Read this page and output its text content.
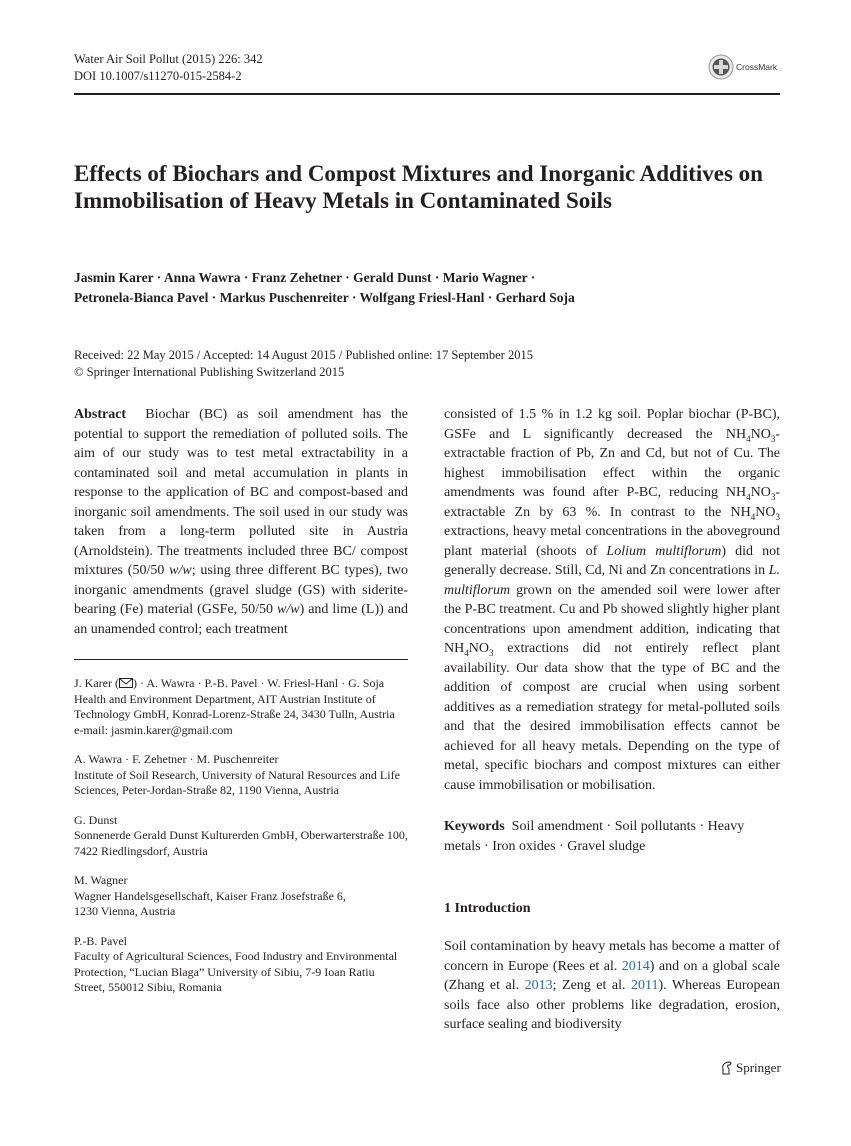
Water Air Soil Pollut (2015) 226: 342
DOI 10.1007/s11270-015-2584-2
CrossMark
Effects of Biochars and Compost Mixtures and Inorganic Additives on Immobilisation of Heavy Metals in Contaminated Soils
Jasmin Karer · Anna Wawra · Franz Zehetner · Gerald Dunst · Mario Wagner ·
Petronela-Bianca Pavel · Markus Puschenreiter · Wolfgang Friesl-Hanl · Gerhard Soja
Received: 22 May 2015 / Accepted: 14 August 2015 / Published online: 17 September 2015
© Springer International Publishing Switzerland 2015
Abstract Biochar (BC) as soil amendment has the potential to support the remediation of polluted soils. The aim of our study was to test metal extractability in a contaminated soil and metal accumulation in plants in response to the application of BC and compost-based and inorganic soil amendments. The soil used in our study was taken from a long-term polluted site in Austria (Arnoldstein). The treatments included three BC/ compost mixtures (50/50 w/w; using three different BC types), two inorganic amendments (gravel sludge (GS) with siderite-bearing (Fe) material (GSFe, 50/50 w/w) and lime (L)) and an unamended control; each treatment
consisted of 1.5 % in 1.2 kg soil. Poplar biochar (P-BC), GSFe and L significantly decreased the $NH_4NO_3$-extractable fraction of Pb, Zn and Cd, but not of Cu. The highest immobilisation effect within the organic amendments was found after P-BC, reducing $NH_4NO_3$-extractable Zn by 63 %. In contrast to the $NH_4NO_3$ extractions, heavy metal concentrations in the aboveground plant material (shoots of Lolium multiflorum) did not generally decrease. Still, Cd, Ni and Zn concentrations in L. multiflorum grown on the amended soil were lower after the P-BC treatment. Cu and Pb showed slightly higher plant concentrations upon amendment addition, indicating that $NH_4NO_3$ extractions did not entirely reflect plant availability. Our data show that the type of BC and the addition of compost are crucial when using sorbent additives as a remediation strategy for metal-polluted soils and that the desired immobilisation effects cannot be achieved for all heavy metals. Depending on the type of metal, specific biochars and compost mixtures can either cause immobilisation or mobilisation.
J. Karer ( ) · A. Wawra · P.-B. Pavel · W. Friesl-Hanl · G. Soja
Health and Environment Department, AIT Austrian Institute of Technology GmbH, Konrad-Lorenz-Straße 24, 3430 Tulln, Austria
e-mail: jasmin.karer@gmail.com
A. Wawra · F. Zehetner · M. Puschenreiter
Institute of Soil Research, University of Natural Resources and Life Sciences, Peter-Jordan-Straße 82, 1190 Vienna, Austria
G. Dunst
Sonnenerde Gerald Dunst Kulturerden GmbH, Oberwarterstraße 100, 7422 Riedlingsdorf, Austria
M. Wagner
Wagner Handelsgesellschaft, Kaiser Franz Josefstraße 6,
1230 Vienna, Austria
P.-B. Pavel
Faculty of Agricultural Sciences, Food Industry and Environmental Protection, “Lucian Blaga” University of Sibiu, 7-9 Ioan Ratiu Street, 550012 Sibiu, Romania
Keywords Soil amendment · Soil pollutants · Heavy metals · Iron oxides · Gravel sludge
1 Introduction
Soil contamination by heavy metals has become a matter of concern in Europe (Rees et al. 2014) and on a global scale (Zhang et al. 2013; Zeng et al. 2011). Whereas European soils face also other problems like degradation, erosion, surface sealing and biodiversity
Springer
